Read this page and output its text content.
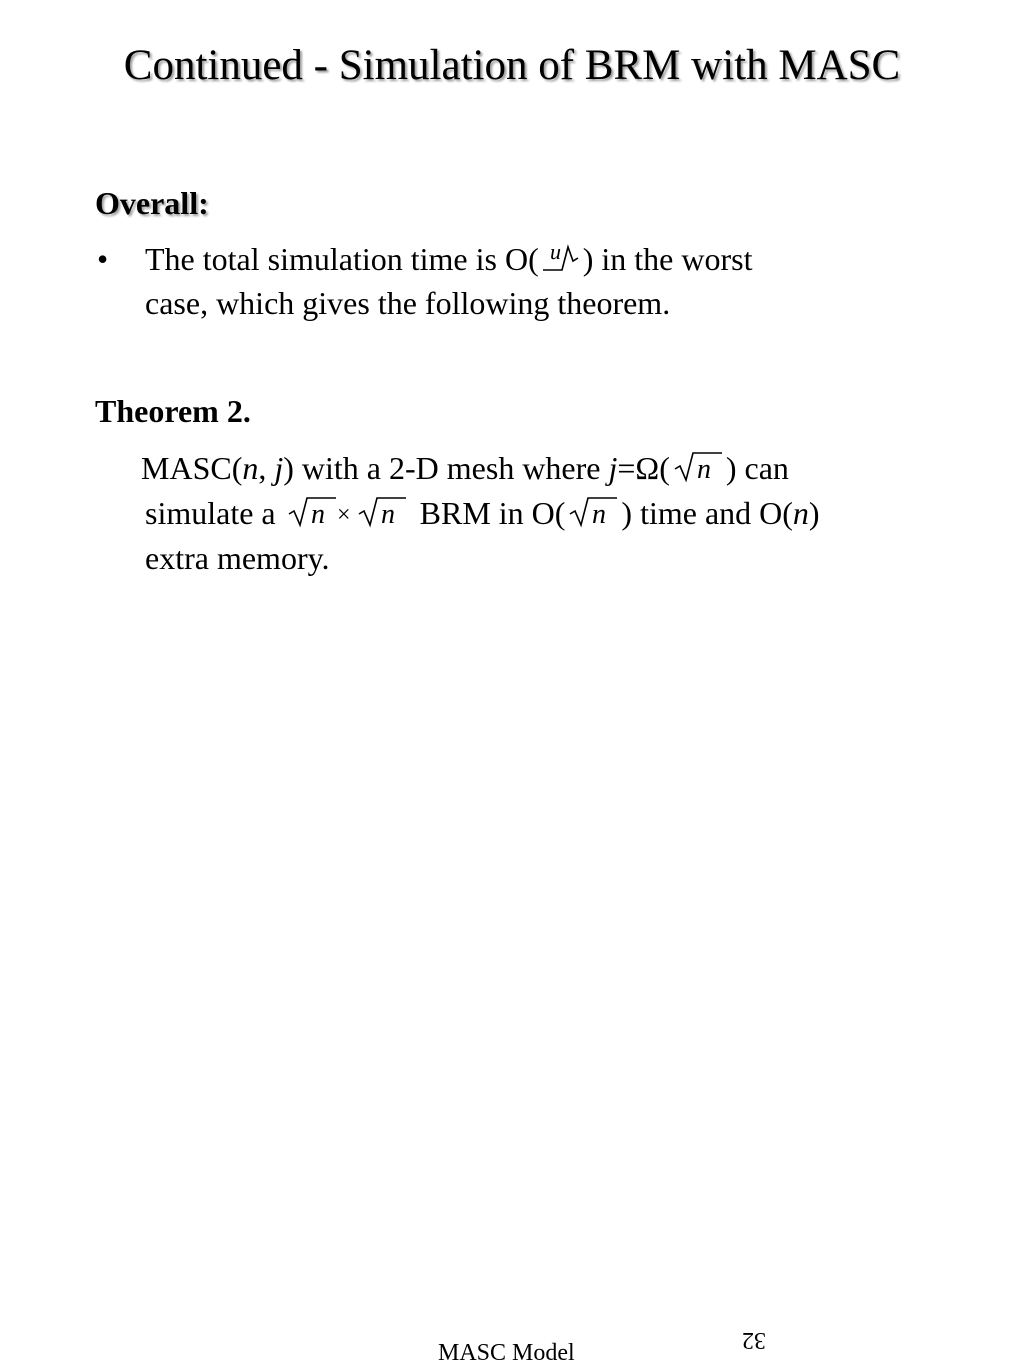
Continued - Simulation of BRM with MASC
Overall:
• The total simulation time is O( n ) in the worst
case, which gives the following theorem.
Theorem 2.
MASC(n, j) with a 2-D mesh where j=Ω( n ) can
simulate a n × n BRM in O( n ) time and O(n)
extra memory.
MASC Model	32
